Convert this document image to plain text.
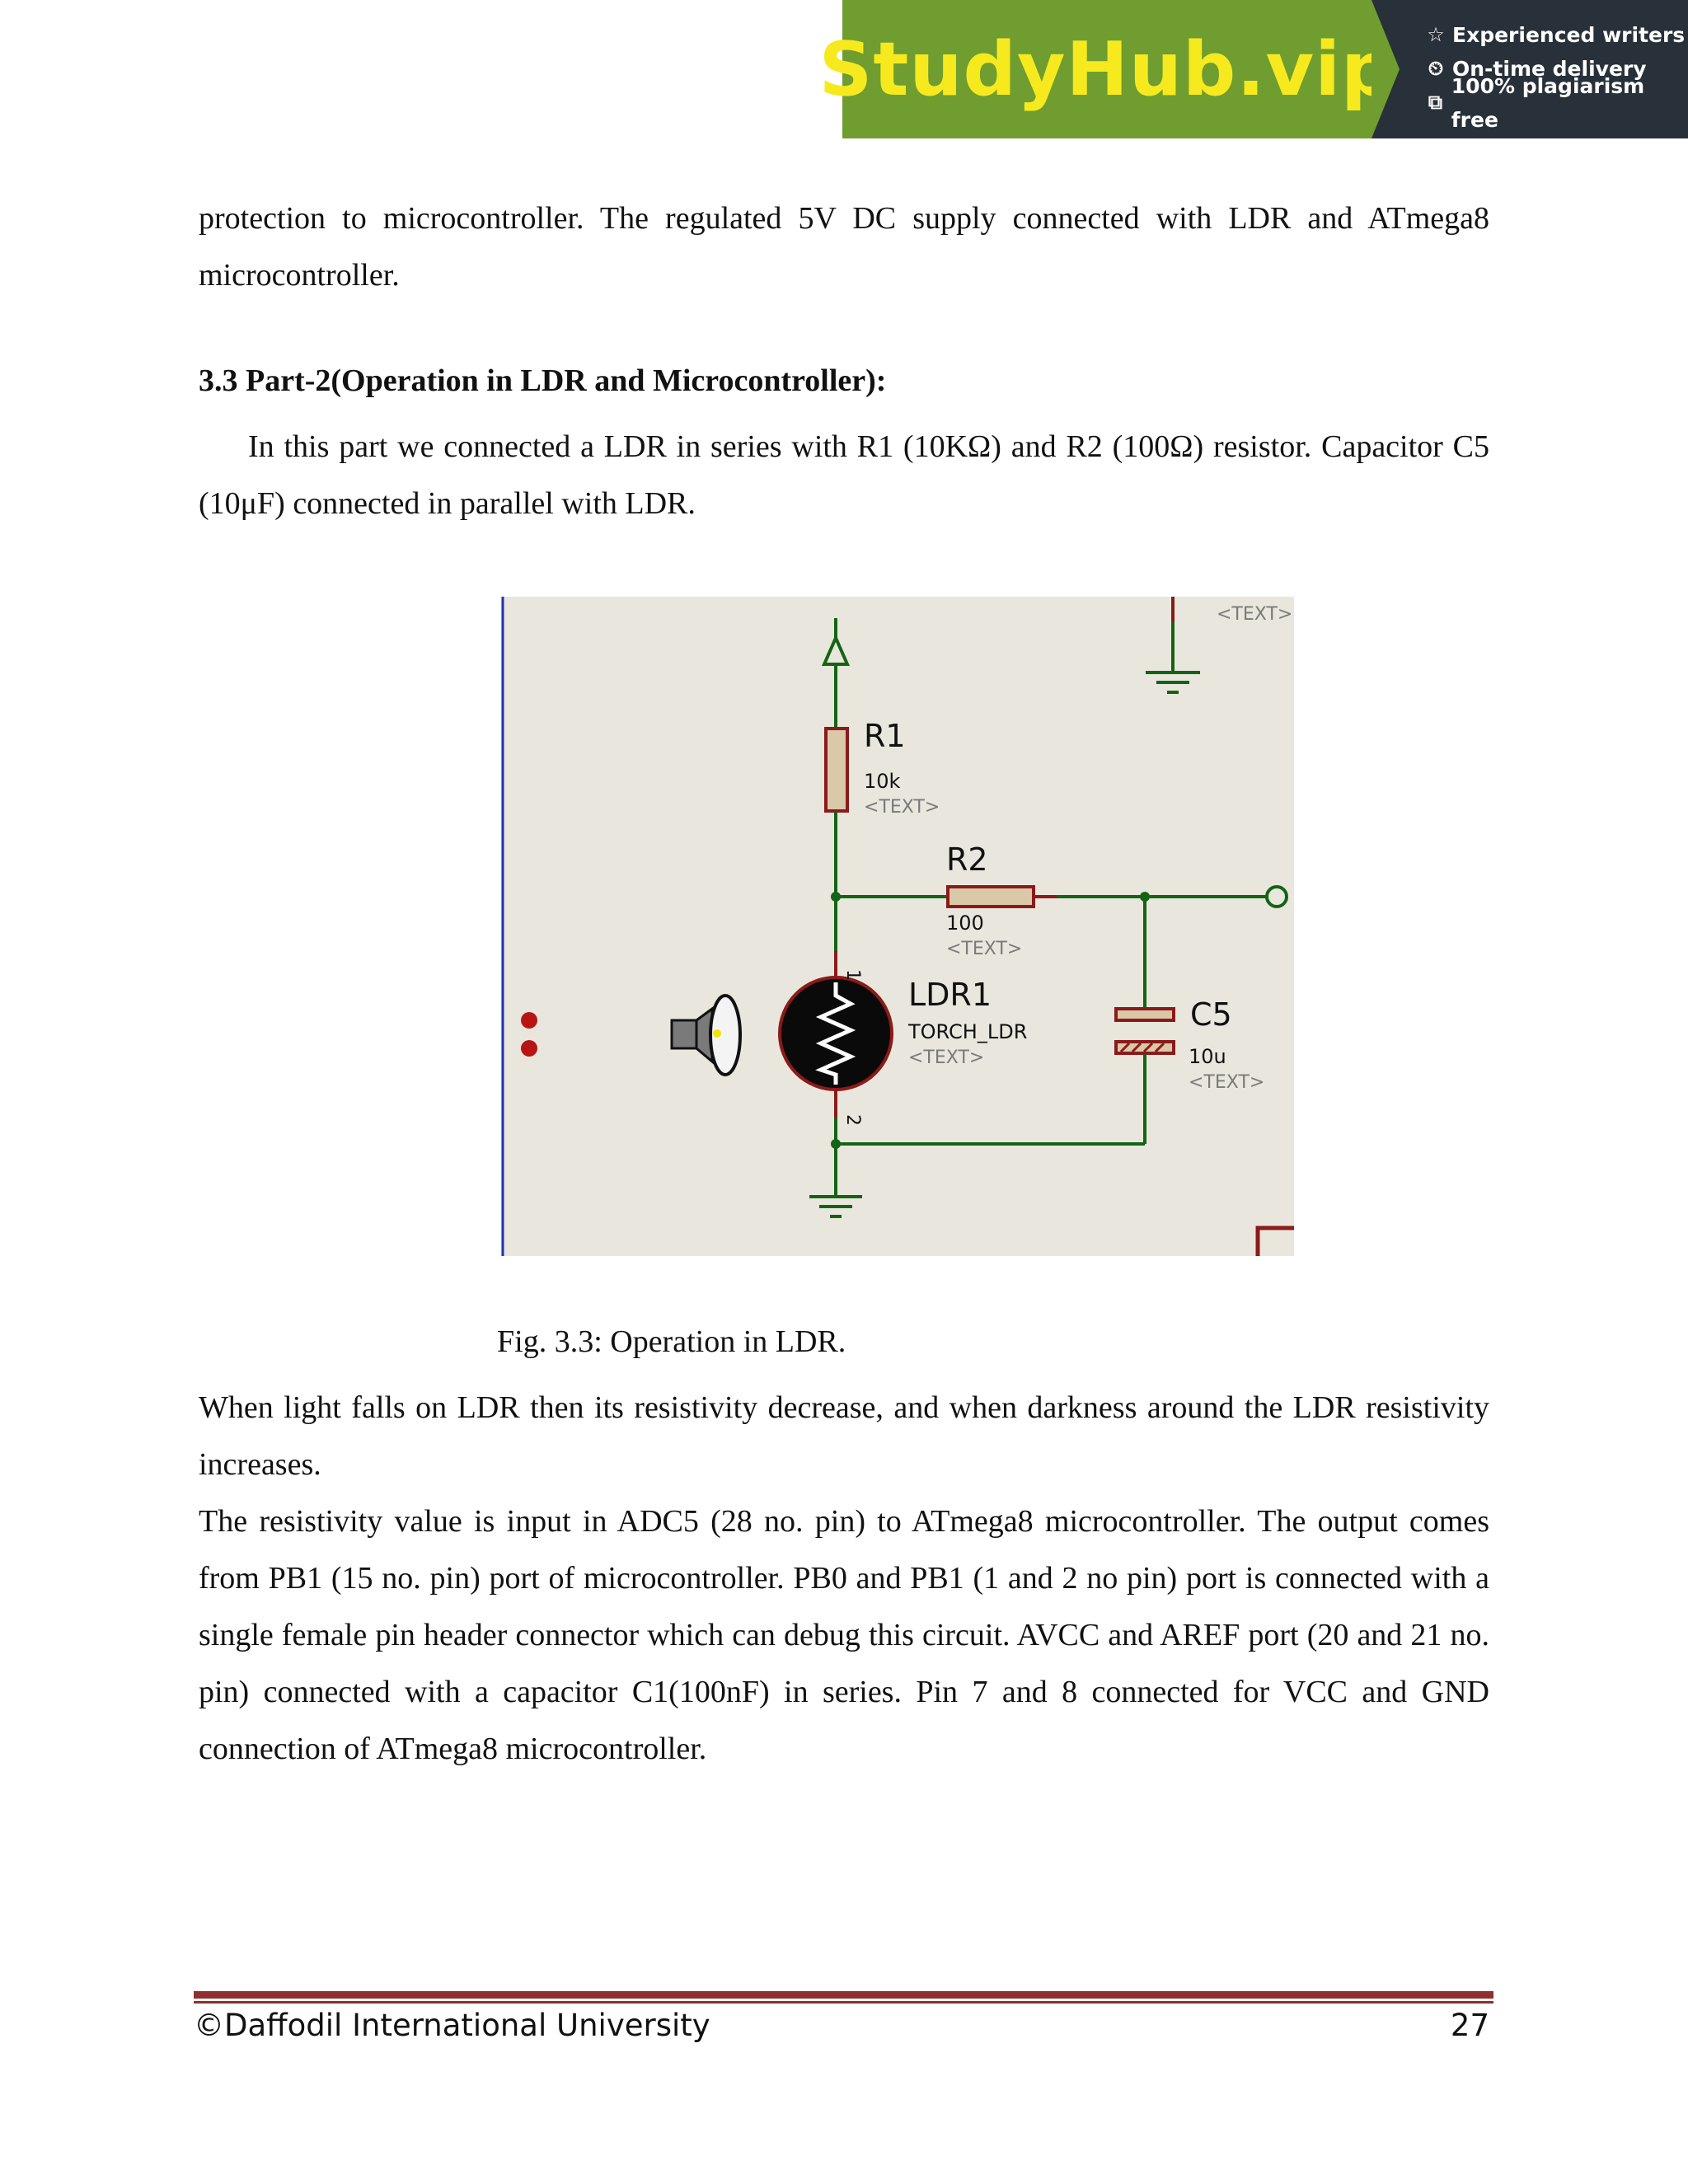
StudyHub.vip ☆ Experienced writers
⏲ On-time delivery
⧉
100% plagiarism free

protection to microcontroller. The regulated 5V DC supply connected with LDR and ATmega8 microcontroller.

3.3 Part-2(Operation in LDR and Microcontroller):

In this part we connected a LDR in series with R1 (10KΩ) and R2 (100Ω) resistor. Capacitor C5 (10μF) connected in parallel with LDR.

<TEXT>
R1
10k
<TEXT>
R2
100
<TEXT>
1
2
LDR1
TORCH_LDR
<TEXT>
C5
10u
<TEXT>
Fig. 3.3: Operation in LDR.

When light falls on LDR then its resistivity decrease, and when darkness around the LDR resistivity increases.

The resistivity value is input in ADC5 (28 no. pin) to ATmega8 microcontroller. The output comes from PB1 (15 no. pin) port of microcontroller. PB0 and PB1 (1 and 2 no pin) port is connected with a single female pin header connector which can debug this circuit. AVCC and AREF port (20 and 21 no. pin) connected with a capacitor C1(100nF) in series. Pin 7 and 8 connected for VCC and GND connection of ATmega8 microcontroller.

©Daffodil International University	27
